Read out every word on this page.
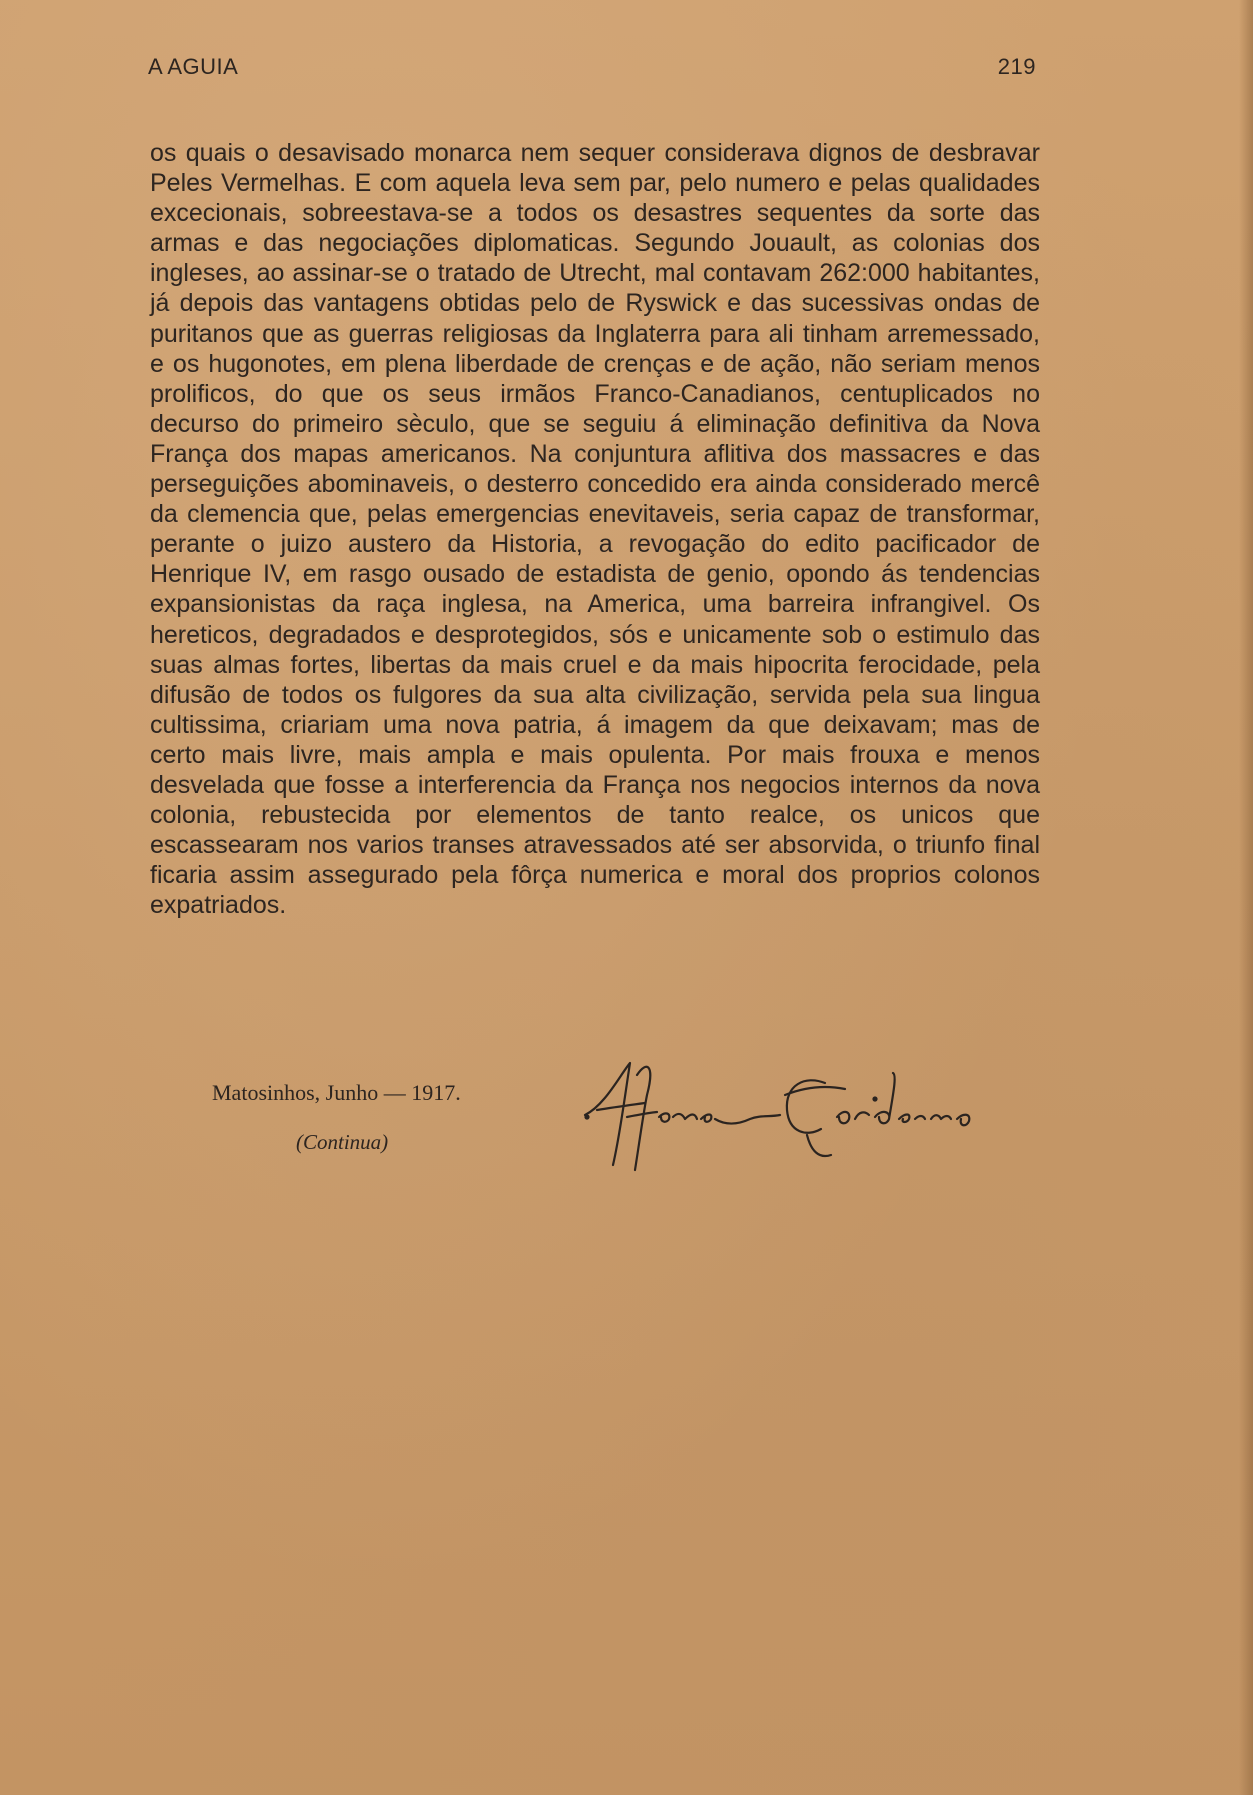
A AGUIA	219

os quais o desavisado monarca nem sequer considerava dignos de desbravar Peles Vermelhas. E com aquela leva sem par, pelo numero e pelas qualidades excecionais, sobreestava-se a todos os desastres sequentes da sorte das armas e das negociações diplomaticas. Segundo Jouault, as colonias dos ingleses, ao assinar-se o tratado de Utrecht, mal contavam 262:000 habitantes, já depois das vantagens obtidas pelo de Ryswick e das sucessivas ondas de puritanos que as guerras religiosas da Inglaterra para ali tinham arremessado, e os hugonotes, em plena liberdade de crenças e de ação, não seriam menos prolificos, do que os seus irmãos Franco-Canadianos, centuplicados no decurso do primeiro sèculo, que se seguiu á eliminação definitiva da Nova França dos mapas americanos. Na conjuntura aflitiva dos massacres e das perseguições abominaveis, o desterro concedido era ainda considerado mercê da clemencia que, pelas emergencias enevitaveis, seria capaz de transformar, perante o juizo austero da Historia, a revogação do edito pacificador de Henrique IV, em rasgo ousado de estadista de genio, opondo ás tendencias expansionistas da raça inglesa, na America, uma barreira infrangivel. Os hereticos, degradados e desprotegidos, sós e unicamente sob o estimulo das suas almas fortes, libertas da mais cruel e da mais hipocrita ferocidade, pela difusão de todos os fulgores da sua alta civilização, servida pela sua lingua cultissima, criariam uma nova patria, á imagem da que deixavam; mas de certo mais livre, mais ampla e mais opulenta. Por mais frouxa e menos desvelada que fosse a interferencia da França nos negocios internos da nova colonia, rebustecida por elementos de tanto realce, os unicos que escassearam nos varios transes atravessados até ser absorvida, o triunfo final ficaria assim assegurado pela fôrça numerica e moral dos proprios colonos expatriados.

Matosinhos, Junho — 1917.
(Continua)
